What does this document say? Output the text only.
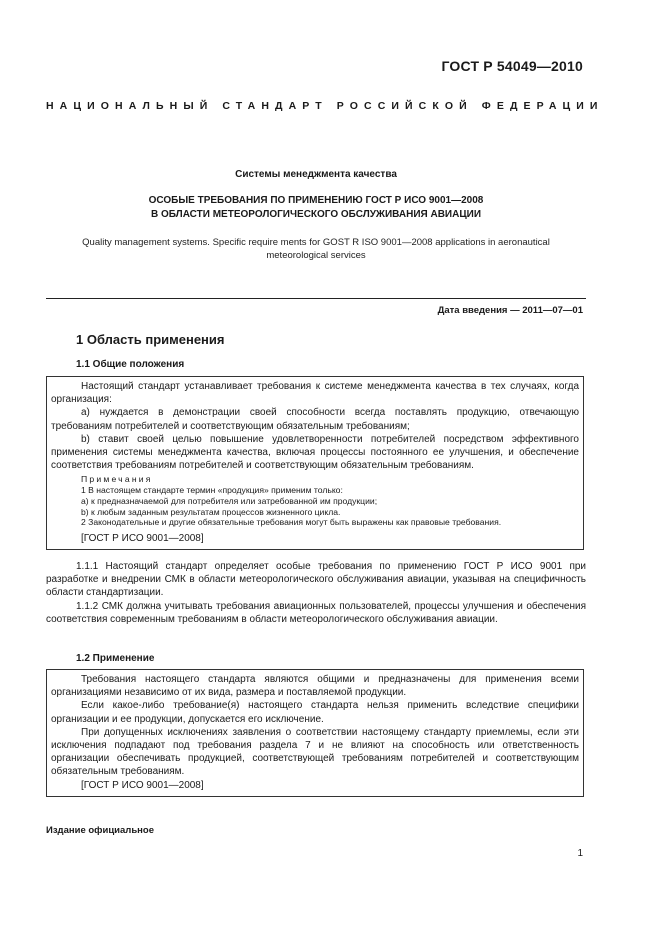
ГОСТ Р 54049—2010
НАЦИОНАЛЬНЫЙ СТАНДАРТ РОССИЙСКОЙ ФЕДЕРАЦИИ
Системы менеджмента качества
ОСОБЫЕ ТРЕБОВАНИЯ ПО ПРИМЕНЕНИЮ ГОСТ Р ИСО 9001—2008
В ОБЛАСТИ МЕТЕОРОЛОГИЧЕСКОГО ОБСЛУЖИВАНИЯ АВИАЦИИ
Quality management systems. Specific require ments for GOST R ISO 9001—2008 applications in aeronautical
meteorological services
Дата введения — 2011—07—01
1 Область применения
1.1 Общие положения

Настоящий стандарт устанавливает требования к системе менеджмента качества в тех случаях, когда организация:

а) нуждается в демонстрации своей способности всегда поставлять продукцию, отвечающую требованиям потребителей и соответствующим обязательным требованиям;

b) ставит своей целью повышение удовлетворенности потребителей посредством эффективного применения системы менеджмента качества, включая процессы постоянного ее улучшения, и обеспечение соответствия требованиям потребителей и соответствующим обязательным требованиям.

Примечания

1 В настоящем стандарте термин «продукция» применим только:

а) к предназначаемой для потребителя или затребованной им продукции;

b) к любым заданным результатам процессов жизненного цикла.

2 Законодательные и другие обязательные требования могут быть выражены как правовые требования.

[ГОСТ Р ИСО 9001—2008]

1.1.1 Настоящий стандарт определяет особые требования по применению ГОСТ Р ИСО 9001 при разработке и внедрении СМК в области метеорологического обслуживания авиации, указывая на специфичность области стандартизации.

1.1.2 СМК должна учитывать требования авиационных пользователей, процессы улучшения и обеспечения соответствия современным требованиям в области метеорологического обслуживания авиации.

1.2 Применение

Требования настоящего стандарта являются общими и предназначены для применения всеми организациями независимо от их вида, размера и поставляемой продукции.

Если какое-либо требование(я) настоящего стандарта нельзя применить вследствие специфики организации и ее продукции, допускается его исключение.

При допущенных исключениях заявления о соответствии настоящему стандарту приемлемы, если эти исключения подпадают под требования раздела 7 и не влияют на способность или ответственность организации обеспечивать продукцией, соответствующей требованиям потребителей и соответствующим обязательным требованиям.

[ГОСТ Р ИСО 9001—2008]

Издание официальное
1
